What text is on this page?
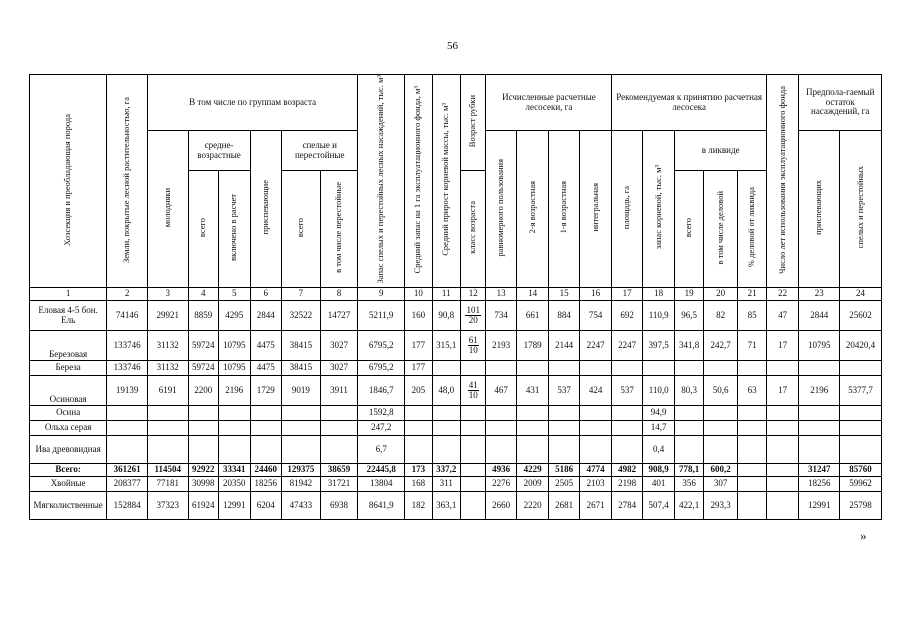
56
Хозсекция и преобладающая порода	Земли, покрытые лесной растительностью, га	В том числе по группам возраста						Запас спелых и перестойных лесных насаждений, тыс. м³	Средний запас на 1 га эксплуатационного фонда, м³	Средний прирост корневой массы, тыс. м³	Возраст рубки	Исчисленные расчетные лесосеки, га				Рекомендуемая к принятию расчетная лесосека					Число лет использования эксплуатационного фонда	Предпола-гаемый остаток насаждений, га	
		молодняки	средне-возрастные		приспевающие	спелые и перестойные						равномерного пользования	2-я возрастная	1-я возрастная	интегральная	площадь, га	запас корневой, тыс. м³	в ликвиде				приспевающих	спелых и перестойных
			всего	включено в расчет		всего	в том числе перестойные				класс возраста							всего	в том числе деловой	% деловой от ликвида			
1	2	3	4	5	6	7	8	9	10	11	12	13	14	15	16	17	18	19	20	21	22	23	24
Еловая 4-5 бон. Ель	74146	29921	8859	4295	2844	32522	14727	5211,9	160	90,8	$\frac{101}{20}$	734	661	884	754	692	110,9	96,5	82	85	47	2844	25602
Березовая	133746	31132	59724	10795	4475	38415	3027	6795,2	177	315,1	$\frac{61}{10}$	2193	1789	2144	2247	2247	397,5	341,8	242,7	71	17	10795	20420,4
Береза	133746	31132	59724	10795	4475	38415	3027	6795,2	177														
Осиновая	19139	6191	2200	2196	1729	9019	3911	1846,7	205	48,0	$\frac{41}{10}$	467	431	537	424	537	110,0	80,3	50,6	63	17	2196	5377,7
Осина								1592,8									94,9						
Ольха серая								247,2									14,7						
Ива древовидная								6,7									0,4						
Всего:	361261	114504	92922	33341	24460	129375	38659	22445,8	173	337,2		4936	4229	5186	4774	4982	908,9	778,1	600,2			31247	85760
Хвойные	208377	77181	30998	20350	18256	81942	31721	13804	168	311		2276	2009	2505	2103	2198	401	356	307			18256	59962
Мягколиственные	152884	37323	61924	12991	6204	47433	6938	8641,9	182	363,1		2660	2220	2681	2671	2784	507,4	422,1	293,3			12991	25798
»
